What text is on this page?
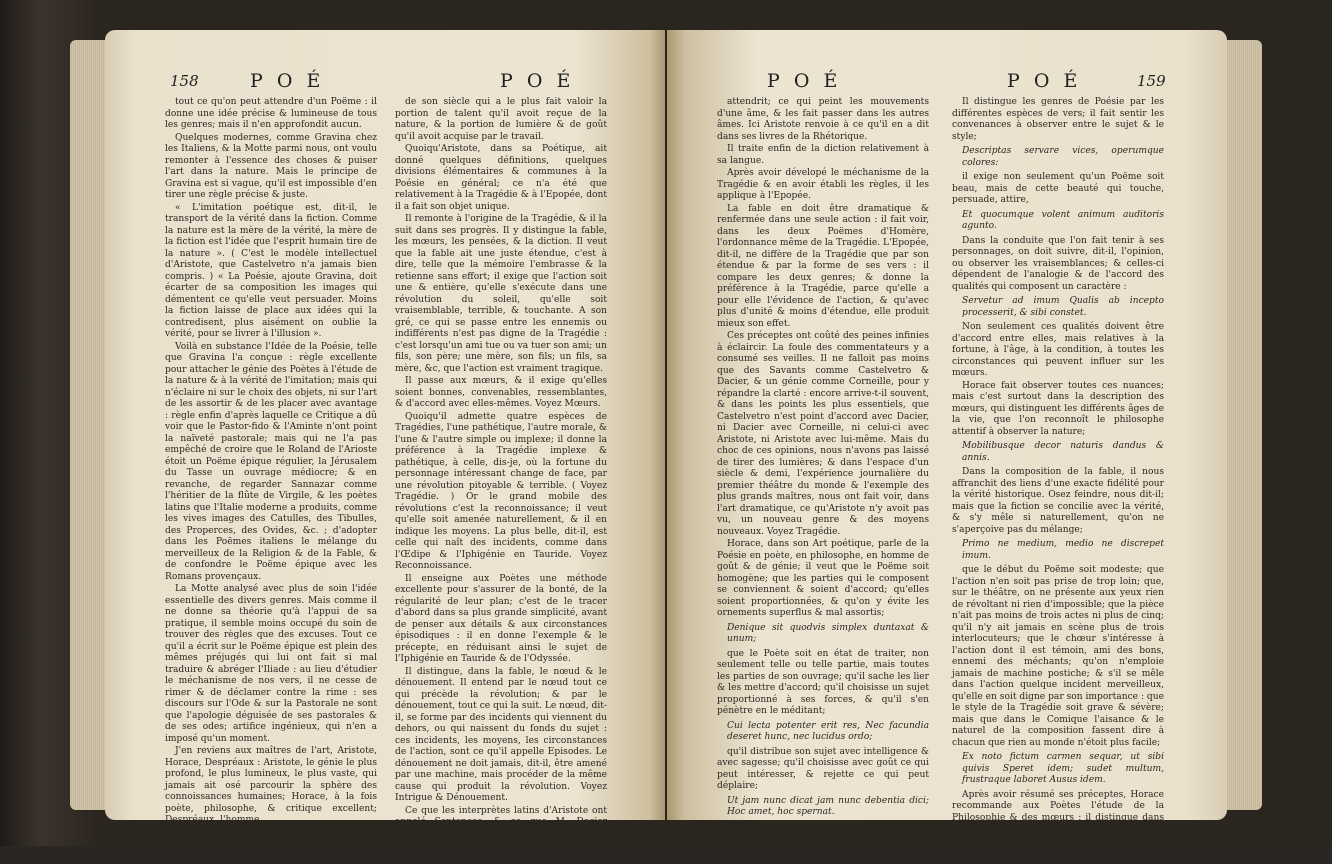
158	P O É	P O É

tout ce qu'on peut attendre d'un Poëme : il donne une idée précise & lumineuse de tous les genres; mais il n'en approfondit aucun.

Quelques modernes, comme Gravina chez les Italiens, & la Motte parmi nous, ont voulu remonter à l'essence des choses & puiser l'art dans la nature. Mais le principe de Gravina est si vague, qu'il est impossible d'en tirer une règle précise & juste.

« L'imitation poétique est, dit-il, le transport de la vérité dans la fiction. Comme la nature est la mère de la vérité, la mère de la fiction est l'idée que l'esprit humain tire de la nature ». ( C'est le modèle intellectuel d'Aristote, que Castelvetro n'a jamais bien compris. ) « La Poésie, ajoute Gravina, doit écarter de sa composition les images qui démentent ce qu'elle veut persuader. Moins la fiction laisse de place aux idées qui la contredisent, plus aisément on oublie la vérité, pour se livrer à l'illusion ».

Voilà en substance l'Idée de la Poésie, telle que Gravina l'a conçue : règle excellente pour attacher le génie des Poètes à l'étude de la nature & à la vérité de l'imitation; mais qui n'éclaire ni sur le choix des objets, ni sur l'art de les assortir & de les placer avec avantage : règle enfin d'après laquelle ce Critique a dû voir que le Pastor-fido & l'Aminte n'ont point la naïveté pastorale; mais qui ne l'a pas empêché de croire que le Roland de l'Arioste étoit un Poëme épique régulier, la Jérusalem du Tasse un ouvrage médiocre; & en revanche, de regarder Sannazar comme l'héritier de la flûte de Virgile, & les poètes latins que l'Italie moderne a produits, comme les vives images des Catulles, des Tibulles, des Properces, des Ovides, &c. ; d'adopter dans les Poëmes italiens le mélange du merveilleux de la Religion & de la Fable, & de confondre le Poëme épique avec les Romans provençaux.

La Motte analysé avec plus de soin l'idée essentielle des divers genres. Mais comme il ne donne sa théorie qu'à l'appui de sa pratique, il semble moins occupé du soin de trouver des règles que des excuses. Tout ce qu'il a écrit sur le Poëme épique est plein des mêmes préjugés qui lui ont fait si mal traduire & abréger l'Iliade : au lieu d'étudier le méchanisme de nos vers, il ne cesse de rimer & de déclamer contre la rime : ses discours sur l'Ode & sur la Pastorale ne sont que l'apologie déguisée de ses pastorales & de ses odes; artifice ingénieux, qui n'en a imposé qu'un moment.

J'en reviens aux maîtres de l'art, Aristote, Horace, Despréaux : Aristote, le génie le plus profond, le plus lumineux, le plus vaste, qui jamais ait osé parcourir la sphère des connoissances humaines; Horace, à la fois poète, philosophe, & critique excellent; Despréaux, l'homme

de son siècle qui a le plus fait valoir la portion de talent qu'il avoit reçue de la nature, & la portion de lumière & de goût qu'il avoit acquise par le travail.

Quoiqu'Aristote, dans sa Poétique, ait donné quelques définitions, quelques divisions élémentaires & communes à la Poésie en général; ce n'a été que relativement à la Tragédie & à l'Epopée, dont il a fait son objet unique.

Il remonte à l'origine de la Tragédie, & il la suit dans ses progrès. Il y distingue la fable, les mœurs, les pensées, & la diction. Il veut que la fable ait une juste étendue, c'est à dire, telle que la mémoire l'embrasse & la retienne sans effort; il exige que l'action soit une & entière, qu'elle s'exécute dans une révolution du soleil, qu'elle soit vraisemblable, terrible, & touchante. A son gré, ce qui se passe entre les ennemis ou indifférents n'est pas digne de la Tragédie : c'est lorsqu'un ami tue ou va tuer son ami; un fils, son père; une mère, son fils; un fils, sa mère, &c, que l'action est vraiment tragique.

Il passe aux mœurs, & il exige qu'elles soient bonnes, convenables, ressemblantes, & d'accord avec elles-mêmes. Voyez Mœurs.

Quoiqu'il admette quatre espèces de Tragédies, l'une pathétique, l'autre morale, & l'une & l'autre simple ou implexe; il donne la préférence à la Tragédie implexe & pathétique, à celle, dis-je, où la fortune du personnage intéressant change de face, par une révolution pitoyable & terrible. ( Voyez Tragédie. ) Or le grand mobile des révolutions c'est la reconnoissance; il veut qu'elle soit amenée naturellement, & il en indique les moyens. La plus belle, dit-il, est celle qui naît des incidents, comme dans l'Œdipe & l'Iphigénie en Tauride. Voyez Reconnoissance.

Il enseigne aux Poètes une méthode excellente pour s'assurer de la bonté, de la régularité de leur plan; c'est de le tracer d'abord dans sa plus grande simplicité, avant de penser aux détails & aux circonstances épisodiques : il en donne l'exemple & le précepte, en réduisant ainsi le sujet de l'Iphigénie en Tauride & de l'Odyssée.

Il distingue, dans la fable, le nœud & le dénouement. Il entend par le nœud tout ce qui précède la révolution; & par le dénouement, tout ce qui la suit. Le nœud, dit-il, se forme par des incidents qui viennent du dehors, ou qui naissent du fonds du sujet : ces incidents, les moyens, les circonstances de l'action, sont ce qu'il appelle Episodes. Le dénouement ne doit jamais, dit-il, être amené par une machine, mais procéder de la même cause qui produit la révolution. Voyez Intrigue & Dénouement.

Ce que les interprètes latins d'Aristote ont appelé Sentences, & ce que M. Dacier appelle mal à propos les Sentiments, est, dans la Tragédie, l'éloquence des passions; ce qui persuade, intéresse,

P O É	P O É	159

attendrit; ce qui peint les mouvements d'une âme, & les fait passer dans les autres âmes. Ici Aristote renvoie à ce qu'il en a dit dans ses livres de la Rhétorique.

Il traite enfin de la diction relativement à sa langue.

Après avoir dévelopé le méchanisme de la Tragédie & en avoir établi les règles, il les applique à l'Epopée.

La fable en doit être dramatique & renfermée dans une seule action : il fait voir, dans les deux Poëmes d'Homère, l'ordonnance même de la Tragédie. L'Epopée, dit-il, ne diffère de la Tragédie que par son étendue & par la forme de ses vers : il compare les deux genres; & donne la préférence à la Tragédie, parce qu'elle a pour elle l'évidence de l'action, & qu'avec plus d'unité & moins d'étendue, elle produit mieux son effet.

Ces préceptes ont coûté des peines infinies à éclaircir. La foule des commentateurs y a consumé ses veilles. Il ne falloit pas moins que des Savants comme Castelvetro & Dacier, & un génie comme Corneille, pour y répandre la clarté : encore arrive-t-il souvent, & dans les points les plus essentiels, que Castelvetro n'est point d'accord avec Dacier, ni Dacier avec Corneille, ni celui-ci avec Aristote, ni Aristote avec lui-même. Mais du choc de ces opinions, nous n'avons pas laissé de tirer des lumières; & dans l'espace d'un siècle & demi, l'expérience journalière du premier théâtre du monde & l'exemple des plus grands maîtres, nous ont fait voir, dans l'art dramatique, ce qu'Aristote n'y avoit pas vu, un nouveau genre & des moyens nouveaux. Voyez Tragédie.

Horace, dans son Art poétique, parle de la Poésie en poète, en philosophe, en homme de goût & de génie; il veut que le Poëme soit homogène; que les parties qui le composent se conviennent & soient d'accord; qu'elles soient proportionnées, & qu'on y évite les ornements superflus & mal assortis;

Denique sit quodvis simplex duntaxat & unum;

que le Poète soit en état de traiter, non seulement telle ou telle partie, mais toutes les parties de son ouvrage; qu'il sache les lier & les mettre d'accord; qu'il choisisse un sujet proportionné à ses forces, & qu'il s'en pénètre en le méditant;

Cui lecta potenter erit res, Nec facundia deseret hunc, nec lucidus ordo;

qu'il distribue son sujet avec intelligence & avec sagesse; qu'il choisisse avec goût ce qui peut intéresser, & rejette ce qui peut déplaire;

Ut jam nunc dicat jam nunc debentia dici; Hoc amet, hoc spernat.

Il distingue les genres de Poésie par les différentes espèces de vers; il fait sentir les convenances à observer entre le sujet & le style;

Descriptas servare vices, operumque colores:

il exige non seulement qu'un Poëme soit beau, mais de cette beauté qui touche, persuade, attire,

Et quocumque volent animum auditoris agunto.

Dans la conduite que l'on fait tenir à ses personnages, on doit suivre, dit-il, l'opinion, ou observer les vraisemblances; & celles-ci dépendent de l'analogie & de l'accord des qualités qui composent un caractère :

Servetur ad imum Qualis ab incepto processerit, & sibi constet.

Non seulement ces qualités doivent être d'accord entre elles, mais relatives à la fortune, à l'âge, à la condition, à toutes les circonstances qui peuvent influer sur les mœurs.

Horace fait observer toutes ces nuances; mais c'est surtout dans la description des mœurs, qui distinguent les différents âges de la vie, que l'on reconnoît le philosophe attentif à observer la nature;

Mobilibusque decor naturis dandus & annis.

Dans la composition de la fable, il nous affranchit des liens d'une exacte fidélité pour la vérité historique. Osez feindre, nous dit-il; mais que la fiction se concilie avec la vérité, & s'y mêle si naturellement, qu'on ne s'aperçoive pas du mélange;

Primo ne medium, medio ne discrepet imum.

que le début du Poëme soit modeste; que l'action n'en soit pas prise de trop loin; que, sur le théâtre, on ne présente aux yeux rien de révoltant ni rien d'impossible; que la pièce n'ait pas moins de trois actes ni plus de cinq; qu'il n'y ait jamais en scène plus de trois interlocuteurs; que le chœur s'intéresse à l'action dont il est témoin, ami des bons, ennemi des méchants; qu'on n'emploie jamais de machine postiche; & s'il se mêle dans l'action quelque incident merveilleux, qu'elle en soit digne par son importance : que le style de la Tragédie soit grave & sévère; mais que dans le Comique l'aisance & le naturel de la composition fassent dire à chacun que rien au monde n'étoit plus facile;

Ex noto fictum carmen sequar, ut sibi quivis Speret idem; sudet multum, frustraque laboret Ausus idem.

Après avoir résumé ses préceptes, Horace recommande aux Poètes l'étude de la Philosophie & des mœurs : il distingue dans la Poésie deux effets,
